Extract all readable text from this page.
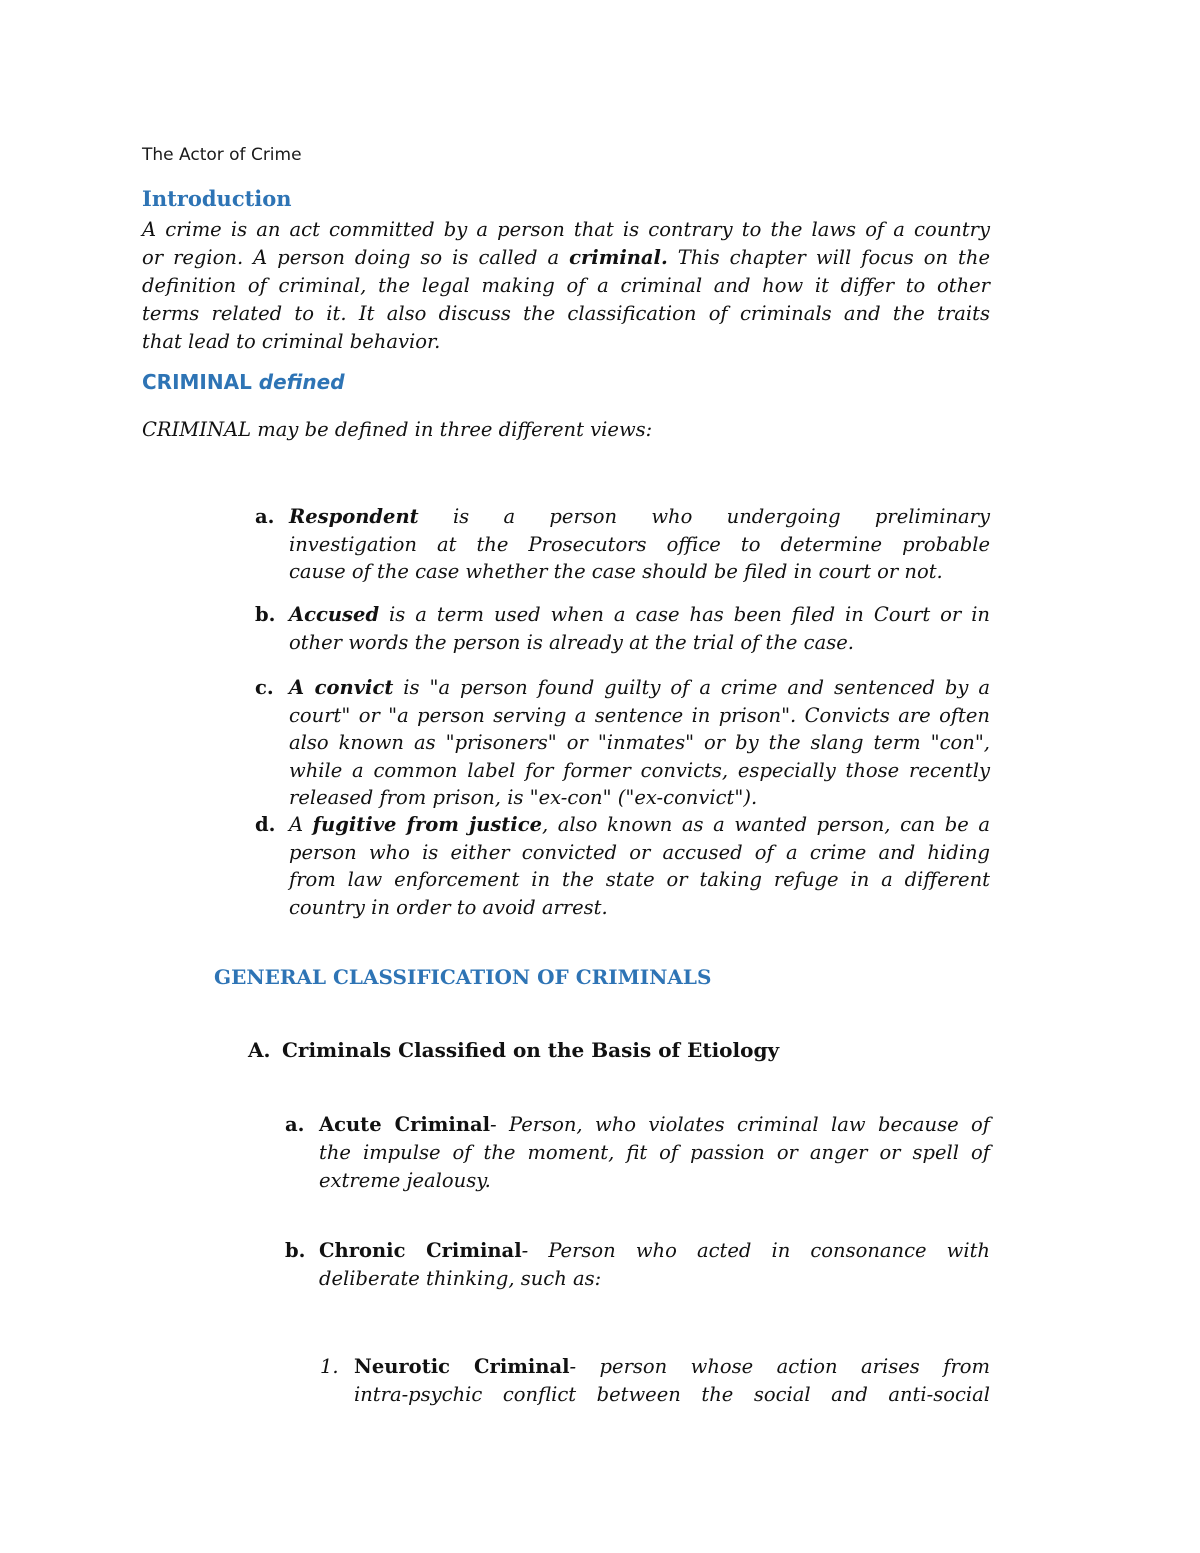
The Actor of Crime
Introduction
A crime is an act committed by a person that is contrary to the laws of a country
or region. A person doing so is called a criminal. This chapter will focus on the
definition of criminal, the legal making of a criminal and how it differ to other
terms related to it. It also discuss the classification of criminals and the traits
that lead to criminal behavior.
CRIMINAL defined
CRIMINAL may be defined in three different views:
a. Respondent is a person who undergoing preliminary
investigation at the Prosecutors office to determine probable
cause of the case whether the case should be filed in court or not.
b. Accused is a term used when a case has been filed in Court or in
other words the person is already at the trial of the case.
c. A convict is "a person found guilty of a crime and sentenced by a
court" or "a person serving a sentence in prison". Convicts are often
also known as "prisoners" or "inmates" or by the slang term "con",
while a common label for former convicts, especially those recently
released from prison, is "ex-con" ("ex-convict").
d. A fugitive from justice, also known as a wanted person, can be a
person who is either convicted or accused of a crime and hiding
from law enforcement in the state or taking refuge in a different
country in order to avoid arrest.
GENERAL CLASSIFICATION OF CRIMINALS
A. Criminals Classified on the Basis of Etiology
a. Acute Criminal- Person, who violates criminal law because of
the impulse of the moment, fit of passion or anger or spell of
extreme jealousy.
b. Chronic Criminal- Person who acted in consonance with
deliberate thinking, such as:
1. Neurotic Criminal- person whose action arises from
intra-psychic conflict between the social and anti-social
